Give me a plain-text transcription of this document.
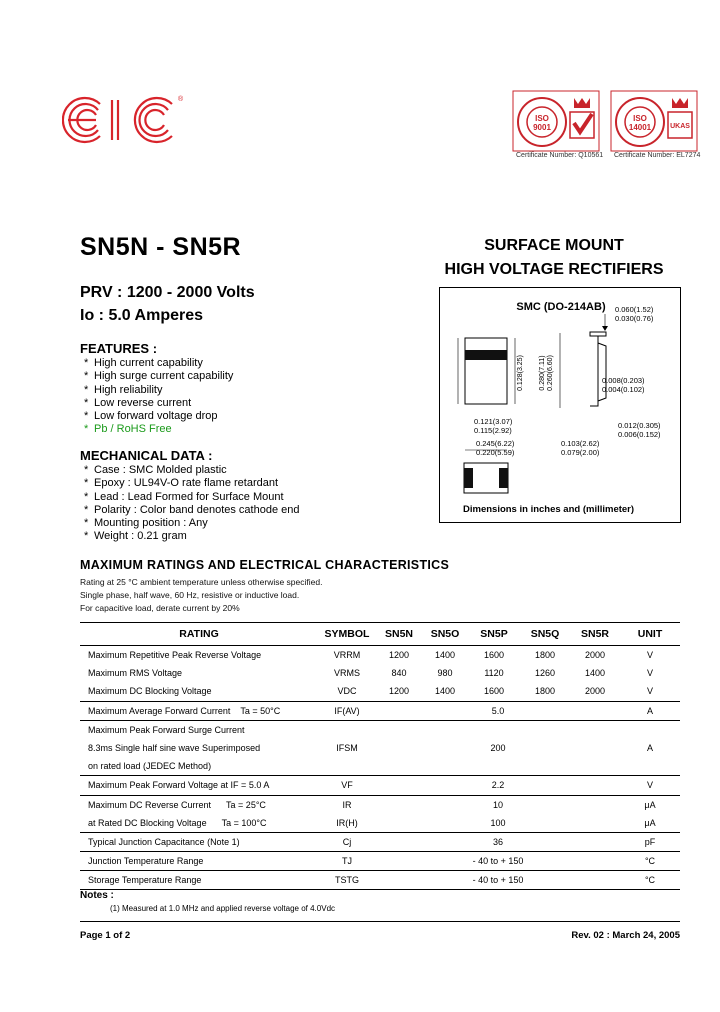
®
ISO
9001
Certificate Number: Q10561
ISO
14001	UKAS
Certificate Number: EL7274
SN5N - SN5R	SURFACE MOUNT
HIGH VOLTAGE RECTIFIERS
PRV : 1200 - 2000 Volts
Io : 5.0 Amperes
FEATURES :
* High current capability
* High surge current capability
* High reliability
* Low reverse current
* Low forward voltage drop
* Pb / RoHS Free
MECHANICAL DATA :
* Case : SMC Molded plastic
* Epoxy : UL94V-O rate flame retardant
* Lead : Lead Formed for Surface Mount
* Polarity : Color band denotes cathode end
* Mounting position : Any
* Weight : 0.21 gram
SMC (DO-214AB) 0.060(1.52)
0.030(0.76)
0.128(3.25) 0.280(7.11) 0.260(6.60)	0.008(0.203)
0.004(0.102)
0.121(3.07)
0.115(2.92)
0.012(0.305)
0.006(0.152)
0.245(6.22)
0.220(5.59)
0.103(2.62)
0.079(2.00)
Dimensions in inches and (millimeter)
MAXIMUM RATINGS AND ELECTRICAL CHARACTERISTICS
Rating at 25 °C ambient temperature unless otherwise specified.
Single phase, half wave, 60 Hz, resistive or inductive load.
For capacitive load, derate current by 20%
RATING	SYMBOL	SN5N	SN5O	SN5P	SN5Q	SN5R	UNIT
Maximum Repetitive Peak Reverse Voltage	VRRM	1200	1400	1600	1800	2000	V
Maximum RMS Voltage	VRMS	840	980	1120	1260	1400	V
Maximum DC Blocking Voltage	VDC	1200	1400	1600	1800	2000	V
Maximum Average Forward Current Ta = 50°C	IF(AV)	5.0					A
Maximum Peak Forward Surge Current							
8.3ms Single half sine wave Superimposed	IFSM	200					A
on rated load (JEDEC Method)							
Maximum Peak Forward Voltage at IF = 5.0 A	VF	2.2					V
Maximum DC Reverse Current Ta = 25°C	IR	10					μA
at Rated DC Blocking Voltage Ta = 100°C	IR(H)	100					μA
Typical Junction Capacitance (Note 1)	Cj	36					pF
Junction Temperature Range	TJ	- 40 to + 150					°C
Storage Temperature Range	TSTG	- 40 to + 150					°C
Notes :
(1) Measured at 1.0 MHz and applied reverse voltage of 4.0Vdc
Page 1 of 2	Rev. 02 : March 24, 2005
